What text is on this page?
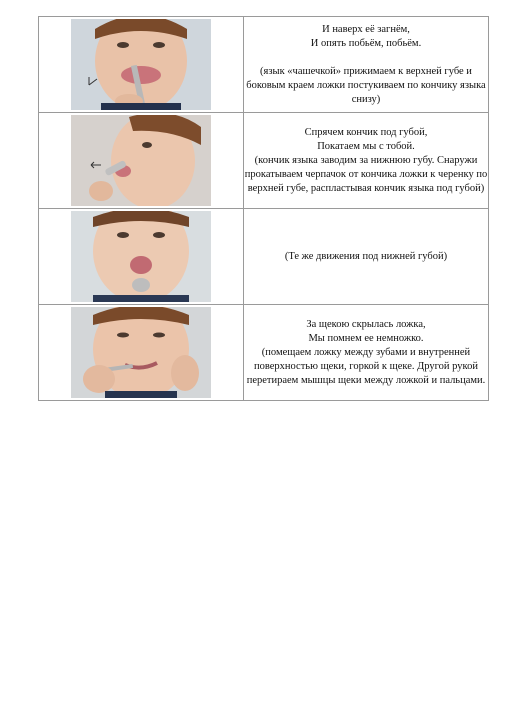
И наверх её загнём,
И опять побьём, побьём.

(язык «чашечкой» прижимаем к верхней губе и боковым краем ложки постукиваем по кончику языка снизу)

Спрячем кончик под губой,
Покатаем мы с тобой.
(кончик языка заводим за нижнюю губу. Снаружи прокатываем черпачок от кончика ложки к черенку по верхней губе, распластывая кончик языка под губой)

(Те же движения под нижней губой)

За щекою скрылась ложка,
Мы помнем ее немножко.
(помещаем ложку между зубами и внутренней поверхностью щеки, горкой к щеке. Другой рукой перетираем мышцы щеки между ложкой и пальцами.
